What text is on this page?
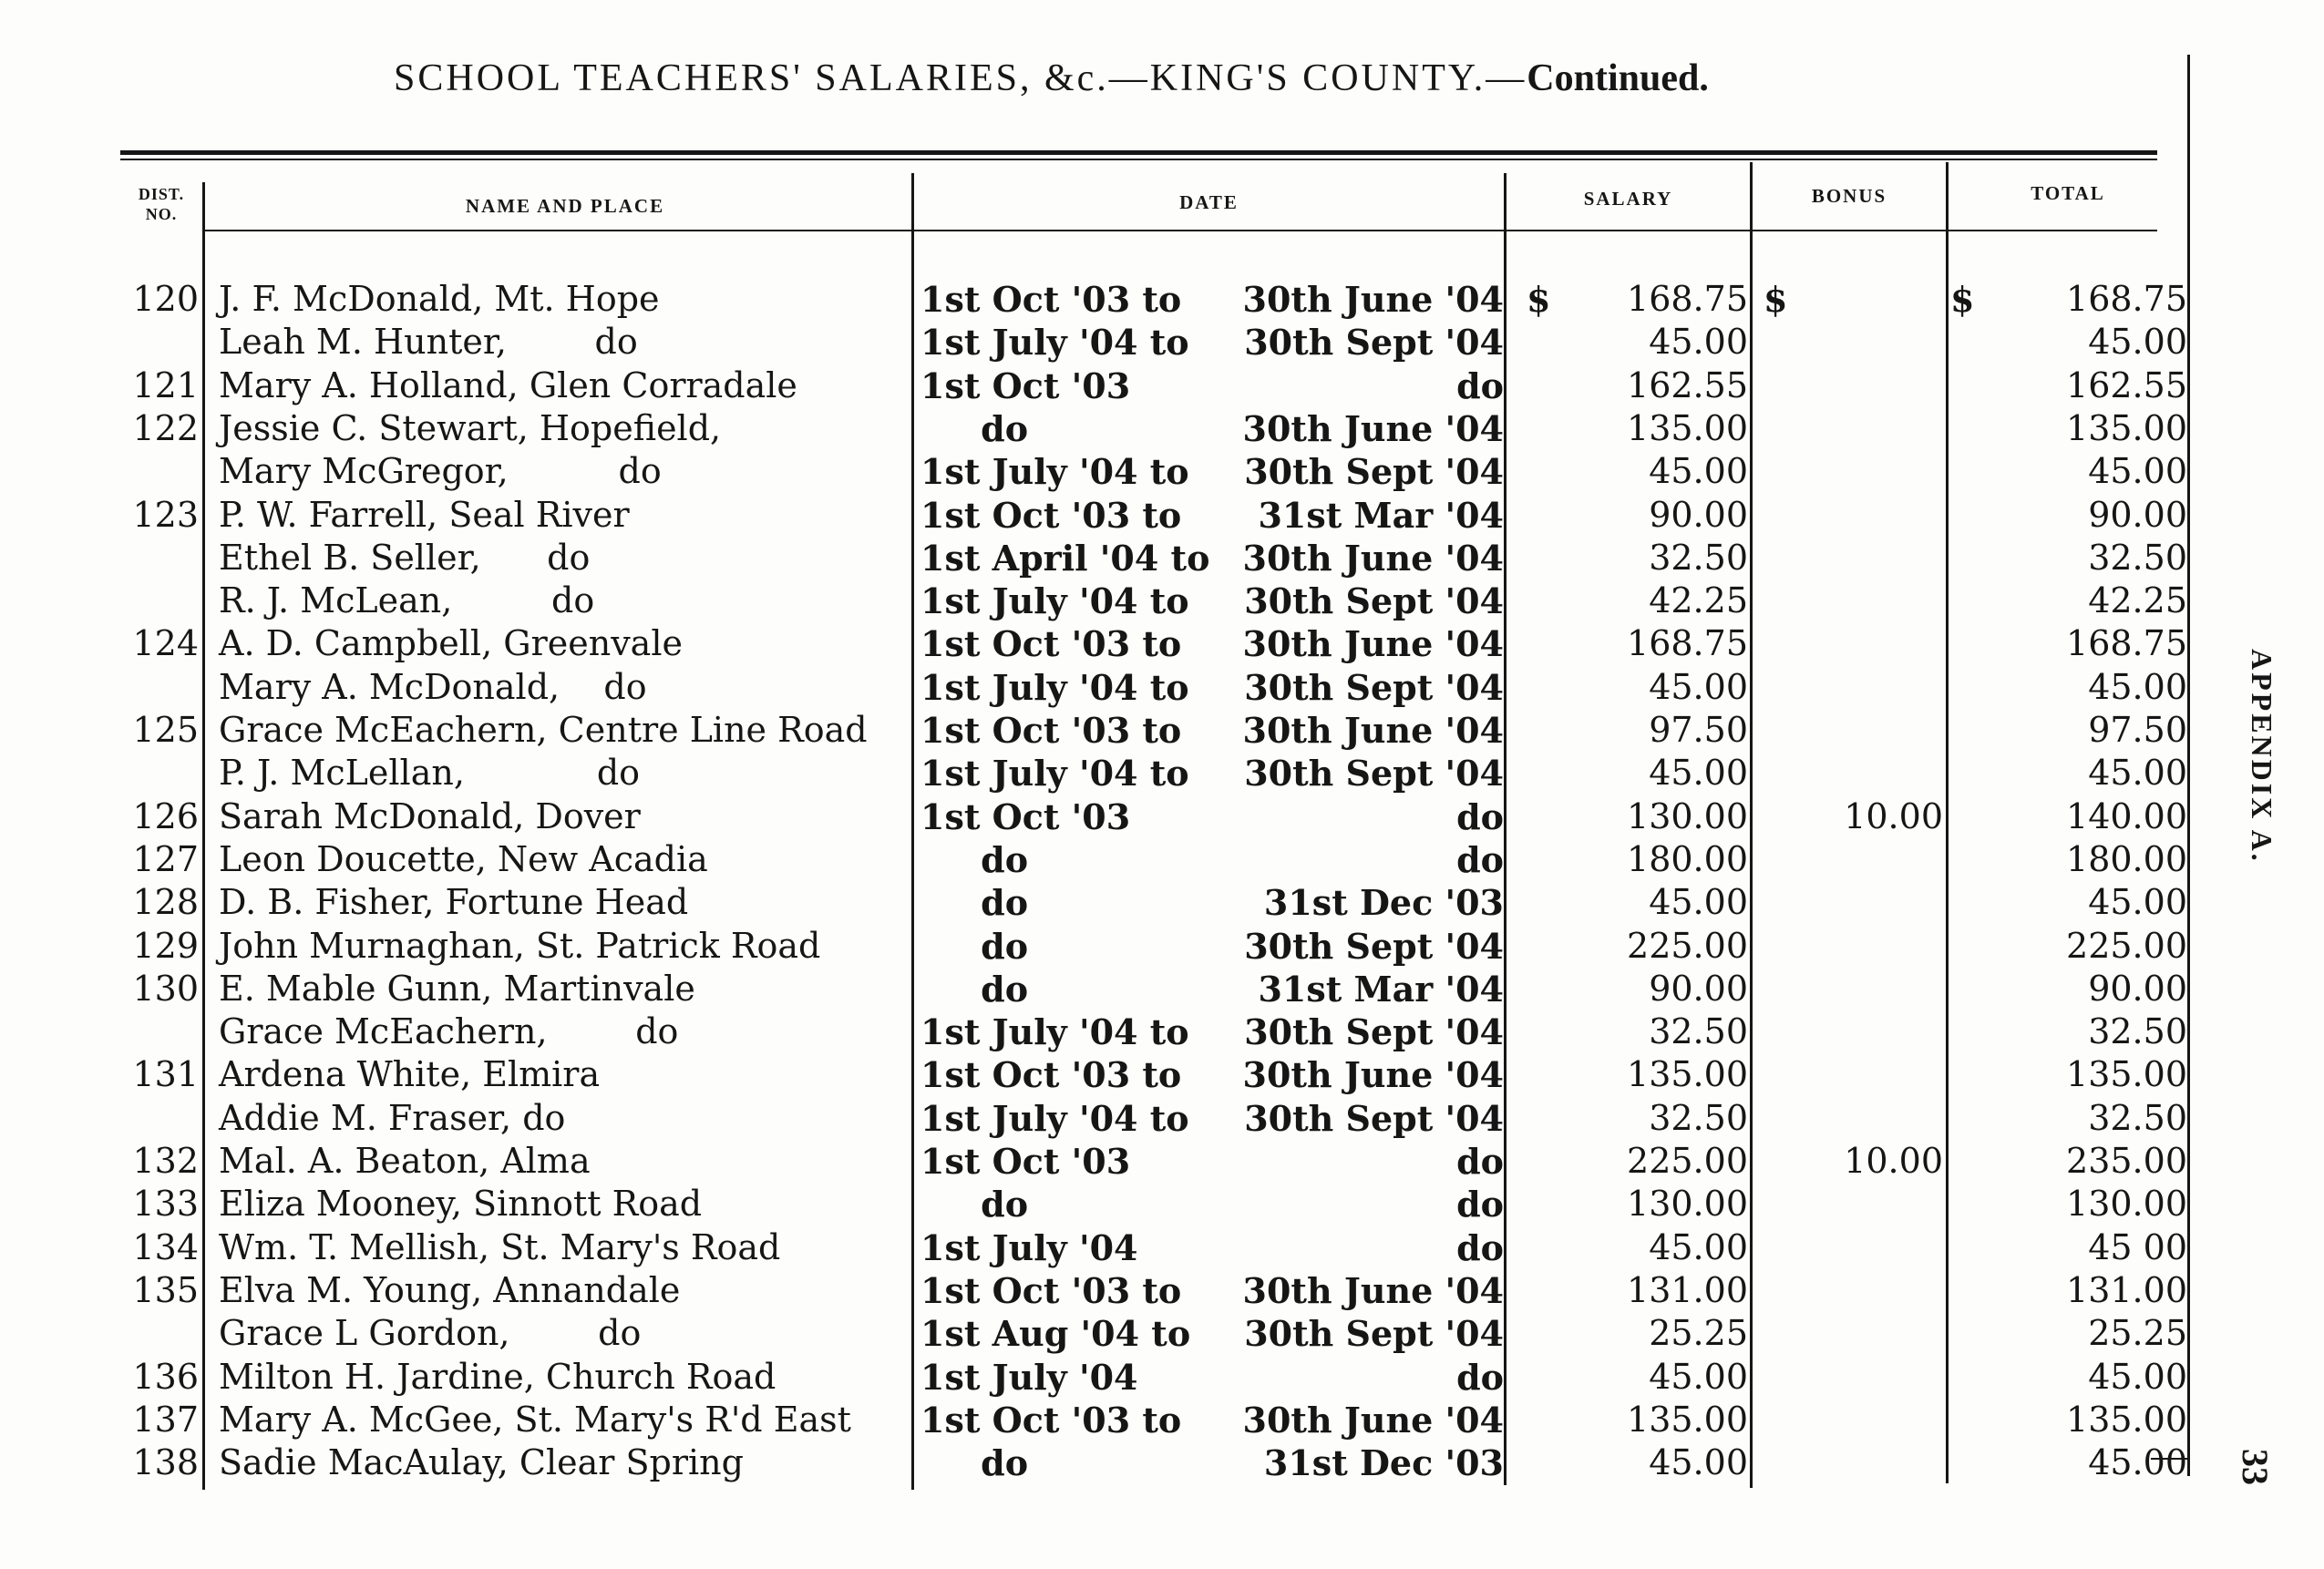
SCHOOL TEACHERS' SALARIES, &c.—KING'S COUNTY.—Continued.
DIST.
NO.	NAME AND PLACE	DATE	SALARY	BONUS	TOTAL
$	$	$
120 J. F. McDonald, Mt. Hope	1st Oct '03 to 30th June '04	168.75	168.75
Leah M. Hunter,        do	1st July '04 to 30th Sept '04	45.00	45.00
121 Mary A. Holland, Glen Corradale	1st Oct '03	do	162.55	162.55
122 Jessie C. Stewart, Hopefield,	do	30th June '04	135.00	135.00
Mary McGregor,          do	1st July '04 to 30th Sept '04	45.00	45.00
123 P. W. Farrell, Seal River	1st Oct '03 to 31st Mar '04	90.00	90.00
Ethel B. Seller,      do	1st April '04 to 30th June '04	32.50	32.50
R. J. McLean,         do	1st July '04 to 30th Sept '04	42.25	42.25
124 A. D. Campbell, Greenvale	1st Oct '03 to 30th June '04	168.75	168.75
Mary A. McDonald,    do	1st July '04 to 30th Sept '04	45.00	45.00
125 Grace McEachern, Centre Line Road 1st Oct '03 to 30th June '04	97.50	97.50
P. J. McLellan,            do	1st July '04 to 30th Sept '04	45.00	45.00
126 Sarah McDonald, Dover	1st Oct '03	do	130.00	10.00	140.00
127 Leon Doucette, New Acadia	do	do	180.00	180.00
128 D. B. Fisher, Fortune Head	do	31st Dec '03	45.00	45.00
129 John Murnaghan, St. Patrick Road	do	30th Sept '04	225.00	225.00
130 E. Mable Gunn, Martinvale	do	31st Mar '04	90.00	90.00
Grace McEachern,        do	1st July '04 to 30th Sept '04	32.50	32.50
131 Ardena White, Elmira	1st Oct '03 to 30th June '04	135.00	135.00
Addie M. Fraser, do	1st July '04 to 30th Sept '04	32.50	32.50
132 Mal. A. Beaton, Alma	1st Oct '03	do	225.00	10.00	235.00
133 Eliza Mooney, Sinnott Road	do	do	130.00	130.00
134 Wm. T. Mellish, St. Mary's Road	1st July '04	do	45.00	45 00
135 Elva M. Young, Annandale	1st Oct '03 to 30th June '04	131.00	131.00
Grace L Gordon,        do	1st Aug '04 to 30th Sept '04	25.25	25.25
136 Milton H. Jardine, Church Road	1st July '04	do	45.00	45.00
137 Mary A. McGee, St. Mary's R'd East 1st Oct '03 to 30th June '04	135.00	135.00
138 Sadie MacAulay, Clear Spring	do	31st Dec '03	45.00	45.00
APPENDIX A.
33
